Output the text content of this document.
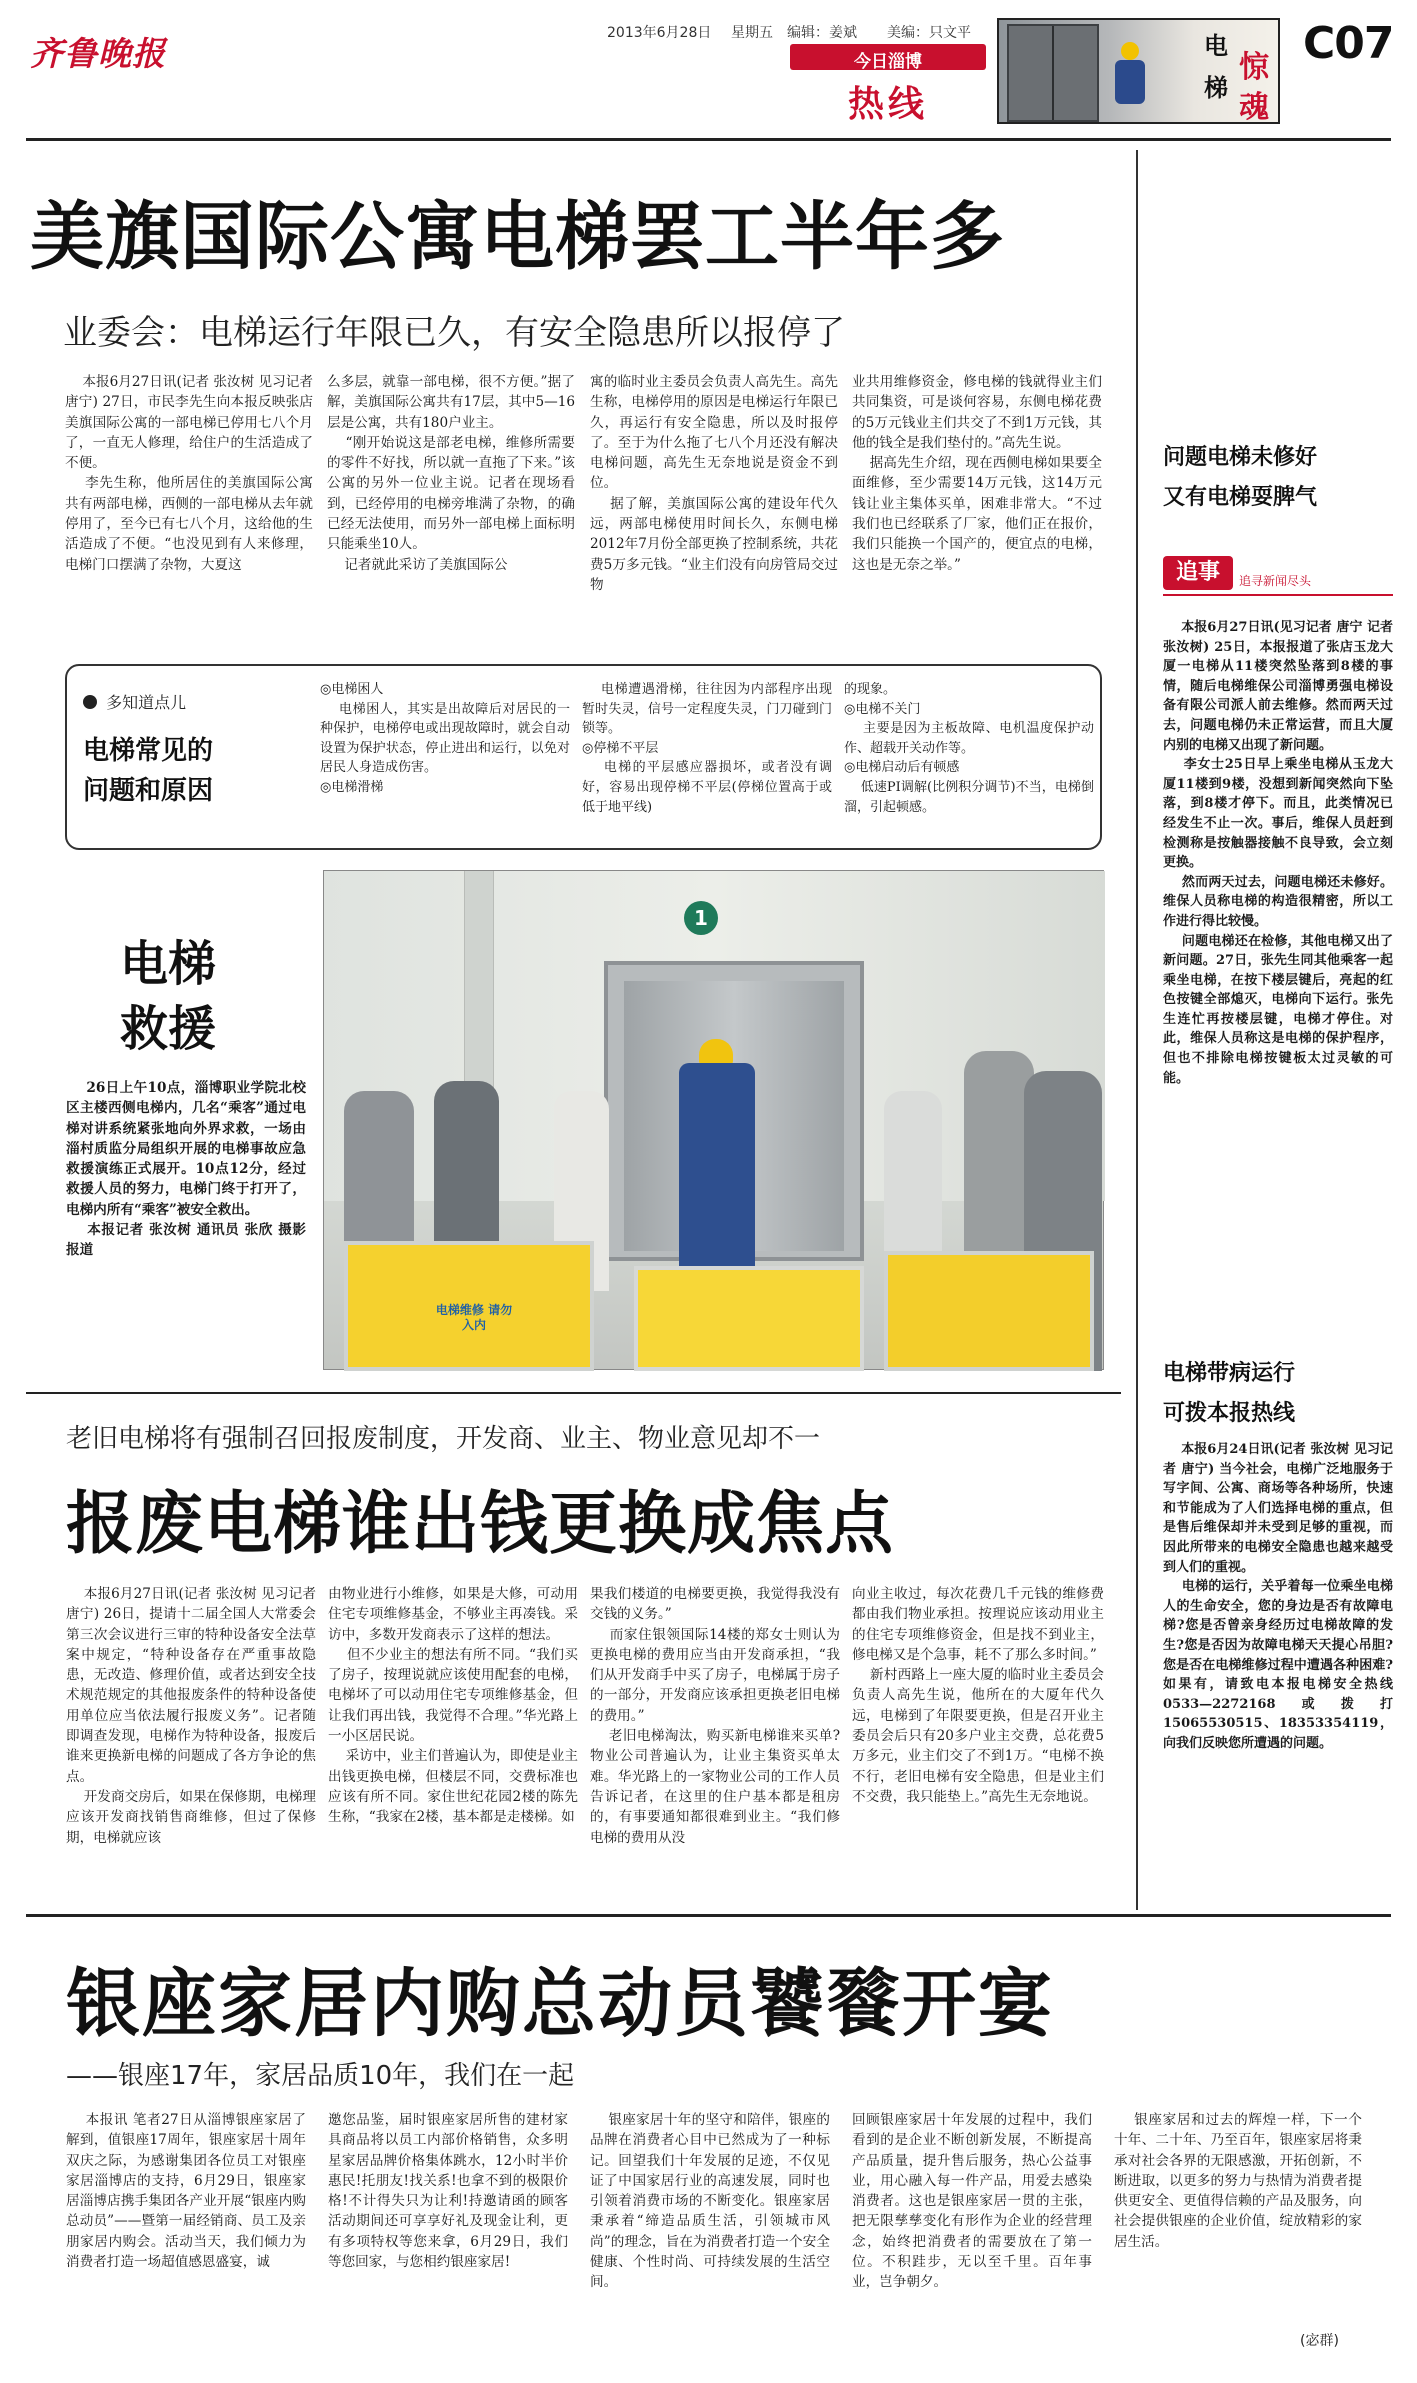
齐鲁晚报
2013年6月28日 星期五 编辑：姜斌 美编：只文平
今日淄博
热线
电
梯
惊
魂
C07
美旗国际公寓电梯罢工半年多
业委会：电梯运行年限已久，有安全隐患所以报停了
本报6月27日讯(记者 张汝树 见习记者 唐宁) 27日，市民李先生向本报反映张店美旗国际公寓的一部电梯已停用七八个月了，一直无人修理，给住户的生活造成了不便。
李先生称，他所居住的美旗国际公寓共有两部电梯，西侧的一部电梯从去年就停用了，至今已有七八个月，这给他的生活造成了不便。“也没见到有人来修理，电梯门口摆满了杂物，大夏这
么多层，就靠一部电梯，很不方便。”据了解，美旗国际公寓共有17层，其中5—16层是公寓，共有180户业主。
“刚开始说这是部老电梯，维修所需要的零件不好找，所以就一直拖了下来。”该公寓的另外一位业主说。记者在现场看到，已经停用的电梯旁堆满了杂物，的确已经无法使用，而另外一部电梯上面标明只能乘坐10人。
记者就此采访了美旗国际公
寓的临时业主委员会负责人高先生。高先生称，电梯停用的原因是电梯运行年限已久，再运行有安全隐患，所以及时报停了。至于为什么拖了七八个月还没有解决电梯问题，高先生无奈地说是资金不到位。
据了解，美旗国际公寓的建设年代久远，两部电梯使用时间长久，东侧电梯2012年7月份全部更换了控制系统，共花费5万多元钱。“业主们没有向房管局交过物
业共用维修资金，修电梯的钱就得业主们共同集资，可是谈何容易，东侧电梯花费的5万元钱业主们共交了不到1万元钱，其他的钱全是我们垫付的。”高先生说。
据高先生介绍，现在西侧电梯如果要全面维修，至少需要14万元钱，这14万元钱让业主集体买单，困难非常大。“不过我们也已经联系了厂家，他们正在报价，我们只能换一个国产的，便宜点的电梯，这也是无奈之举。”
多知道点儿
电梯常见的
问题和原因
◎电梯困人
电梯困人，其实是出故障后对居民的一种保护，电梯停电或出现故障时，就会自动设置为保护状态，停止进出和运行，以免对居民人身造成伤害。
◎电梯滑梯
电梯遭遇滑梯，往往因为内部程序出现暂时失灵，信号一定程度失灵，门刀碰到门锁等。
◎停梯不平层
电梯的平层感应器损坏，或者没有调好，容易出现停梯不平层(停梯位置高于或低于地平线)
的现象。
◎电梯不关门
主要是因为主板故障、电机温度保护动作、超载开关动作等。
◎电梯启动后有顿感
低速PI调解(比例积分调节)不当，电梯倒溜，引起顿感。
电梯
救援
26日上午10点，淄博职业学院北校区主楼西侧电梯内，几名“乘客”通过电梯对讲系统紧张地向外界求救，一场由淄村质监分局组织开展的电梯事故应急救援演练正式展开。10点12分，经过救援人员的努力，电梯门终于打开了，电梯内所有“乘客”被安全救出。
本报记者 张汝树 通讯员 张欣 摄影报道
1
电梯维修 请勿入内
老旧电梯将有强制召回报废制度，开发商、业主、物业意见却不一
报废电梯谁出钱更换成焦点
本报6月27日讯(记者 张汝树 见习记者 唐宁) 26日，提请十二届全国人大常委会第三次会议进行三审的特种设备安全法草案中规定，“特种设备存在严重事故隐患，无改造、修理价值，或者达到安全技术规范规定的其他报废条件的特种设备使用单位应当依法履行报废义务”。记者随即调查发现，电梯作为特种设备，报废后谁来更换新电梯的问题成了各方争论的焦点。
开发商交房后，如果在保修期，电梯理应该开发商找销售商维修，但过了保修期，电梯就应该
由物业进行小维修，如果是大修，可动用住宅专项维修基金，不够业主再凑钱。采访中，多数开发商表示了这样的想法。
但不少业主的想法有所不同。“我们买了房子，按理说就应该使用配套的电梯，电梯坏了可以动用住宅专项维修基金，但让我们再出钱，我觉得不合理。”华光路上一小区居民说。
采访中，业主们普遍认为，即使是业主出钱更换电梯，但楼层不同，交费标准也应该有所不同。家住世纪花园2楼的陈先生称，“我家在2楼，基本都是走楼梯。如
果我们楼道的电梯要更换，我觉得我没有交钱的义务。”
而家住银领国际14楼的郑女士则认为更换电梯的费用应当由开发商承担，“我们从开发商手中买了房子，电梯属于房子的一部分，开发商应该承担更换老旧电梯的费用。”
老旧电梯淘汰，购买新电梯谁来买单?物业公司普遍认为，让业主集资买单太难。华光路上的一家物业公司的工作人员告诉记者，在这里的住户基本都是租房的，有事要通知都很难到业主。“我们修电梯的费用从没
向业主收过，每次花费几千元钱的维修费都由我们物业承担。按理说应该动用业主的住宅专项维修资金，但是找不到业主，修电梯又是个急事，耗不了那么多时间。”
新村西路上一座大厦的临时业主委员会负责人高先生说，他所在的大厦年代久远，电梯到了年限要更换，但是召开业主委员会后只有20多户业主交费，总花费5万多元，业主们交了不到1万。“电梯不换不行，老旧电梯有安全隐患，但是业主们不交费，我只能垫上。”高先生无奈地说。
问题电梯未修好
又有电梯耍脾气
追事	追寻新闻尽头
本报6月27日讯(见习记者 唐宁 记者 张汝树) 25日，本报报道了张店玉龙大厦一电梯从11楼突然坠落到8楼的事情，随后电梯维保公司淄博勇强电梯设备有限公司派人前去维修。然而两天过去，问题电梯仍未正常运营，而且大厦内别的电梯又出现了新问题。
李女士25日早上乘坐电梯从玉龙大厦11楼到9楼，没想到新闻突然向下坠落，到8楼才停下。而且，此类情况已经发生不止一次。事后，维保人员赶到检测称是按触器接触不良导致，会立刻更换。
然而两天过去，问题电梯还未修好。维保人员称电梯的构造很精密，所以工作进行得比较慢。
问题电梯还在检修，其他电梯又出了新问题。27日，张先生同其他乘客一起乘坐电梯，在按下楼层键后，亮起的红色按键全部熄灭，电梯向下运行。张先生连忙再按楼层键，电梯才停住。对此，维保人员称这是电梯的保护程序，但也不排除电梯按键板太过灵敏的可能。
电梯带病运行
可拨本报热线
本报6月24日讯(记者 张汝树 见习记者 唐宁) 当今社会，电梯广泛地服务于写字间、公寓、商场等各种场所，快速和节能成为了人们选择电梯的重点，但是售后维保却并未受到足够的重视，而因此所带来的电梯安全隐患也越来越受到人们的重视。
电梯的运行，关乎着每一位乘坐电梯人的生命安全，您的身边是否有故障电梯?您是否曾亲身经历过电梯故障的发生?您是否因为故障电梯天天提心吊胆?您是否在电梯维修过程中遭遇各种困难?如果有，请致电本报电梯安全热线0533—2272168或拨打15065530515、18353354119，向我们反映您所遭遇的问题。
银座家居内购总动员饕餮开宴
——银座17年，家居品质10年，我们在一起
本报讯 笔者27日从淄博银座家居了解到，值银座17周年，银座家居十周年双庆之际，为感谢集团各位员工对银座家居淄博店的支持，6月29日，银座家居淄博店携手集团各产业开展“银座内购总动员”——暨第一届经销商、员工及亲朋家居内购会。活动当天，我们倾力为消费者打造一场超值感恩盛宴，诚
邀您品鉴，届时银座家居所售的建材家具商品将以员工内部价格销售，众多明星家居品牌价格集体跳水，12小时半价惠民!托朋友!找关系!也拿不到的极限价格!不计得失只为让利!持邀请函的顾客活动期间还可享享好礼及现金让利，更有多项特权等您来拿，6月29日，我们等您回家，与您相约银座家居!
银座家居十年的坚守和陪伴，银座的品牌在消费者心目中已然成为了一种标记。回望我们十年发展的足迹，不仅见证了中国家居行业的高速发展，同时也引领着消费市场的不断变化。银座家居秉承着“缔造品质生活，引领城市风尚”的理念，旨在为消费者打造一个安全健康、个性时尚、可持续发展的生活空间。
回顾银座家居十年发展的过程中，我们看到的是企业不断创新发展，不断提高产品质量，提升售后服务，热心公益事业，用心融入每一件产品，用爱去感染消费者。这也是银座家居一贯的主张，把无限孳孳变化有形作为企业的经营理念，始终把消费者的需要放在了第一位。不积跬步，无以至千里。百年事业，岂争朝夕。
银座家居和过去的辉煌一样，下一个十年、二十年、乃至百年，银座家居将秉承对社会各界的无限感激，开拓创新，不断进取，以更多的努力与热情为消费者提供更安全、更值得信赖的产品及服务，向社会提供银座的企业价值，绽放精彩的家居生活。
(宓群)
